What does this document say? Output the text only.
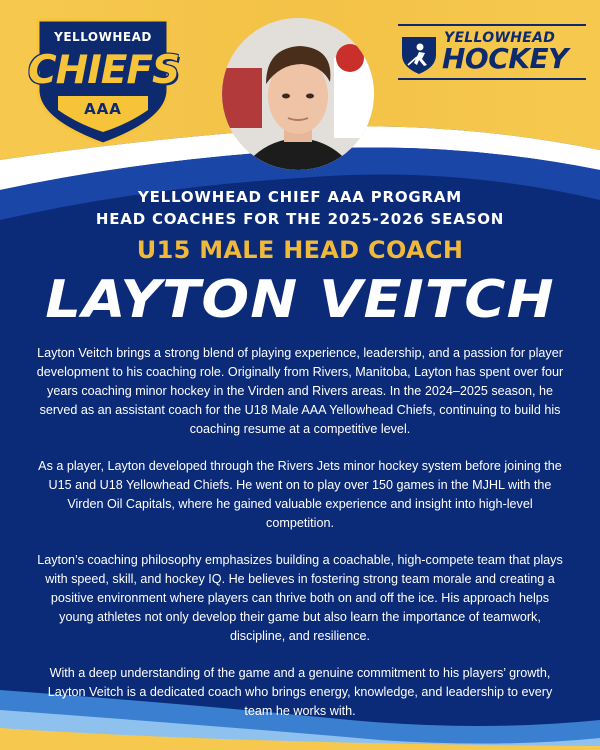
YELLOWHEAD
CHIEFS
AAA
YELLOWHEAD
HOCKEY
YELLOWHEAD CHIEF AAA PROGRAM
HEAD COACHES FOR THE 2025-2026 SEASON
U15 MALE HEAD COACH
LAYTON VEITCH

Layton Veitch brings a strong blend of playing experience, leadership, and a passion for player development to his coaching role. Originally from Rivers, Manitoba, Layton has spent over four years coaching minor hockey in the Virden and Rivers areas. In the 2024–2025 season, he served as an assistant coach for the U18 Male AAA Yellowhead Chiefs, continuing to build his coaching resume at a competitive level.

As a player, Layton developed through the Rivers Jets minor hockey system before joining the U15 and U18 Yellowhead Chiefs. He went on to play over 150 games in the MJHL with the Virden Oil Capitals, where he gained valuable experience and insight into high-level competition.

Layton’s coaching philosophy emphasizes building a coachable, high-compete team that plays with speed, skill, and hockey IQ. He believes in fostering strong team morale and creating a positive environment where players can thrive both on and off the ice. His approach helps young athletes not only develop their game but also learn the importance of teamwork, discipline, and resilience.

With a deep understanding of the game and a genuine commitment to his players’ growth, Layton Veitch is a dedicated coach who brings energy, knowledge, and leadership to every team he works with.
